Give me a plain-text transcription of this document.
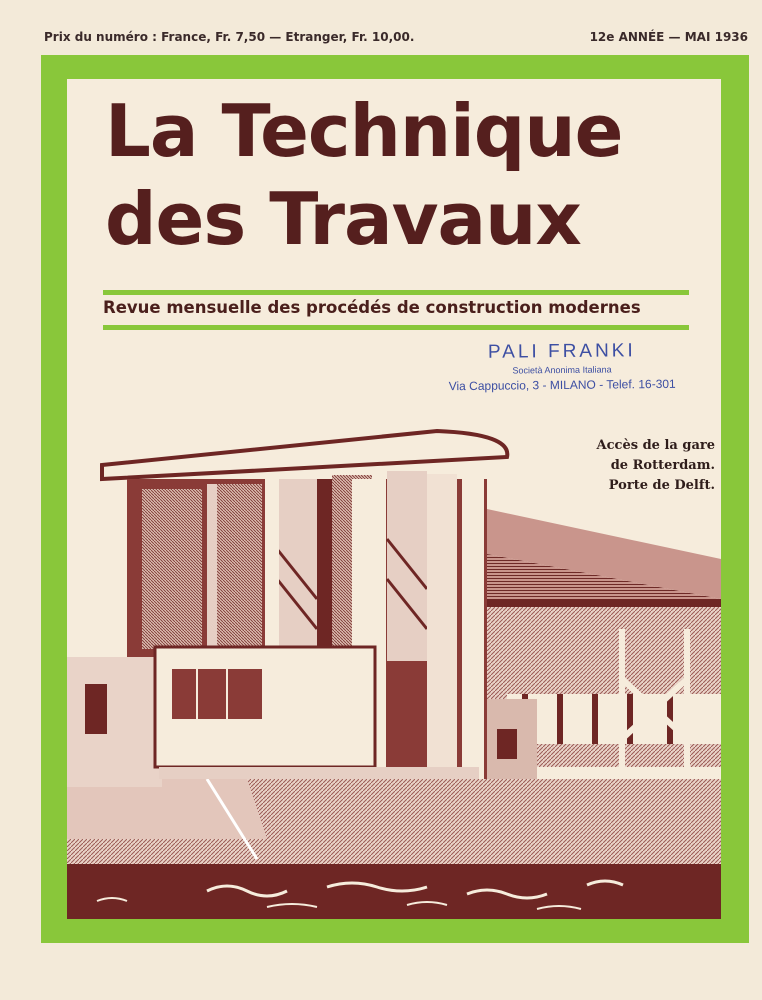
Prix du numéro : France, Fr. 7,50 — Etranger, Fr. 10,00.	12e ANNÉE — MAI 1936
La Technique
des Travaux
Revue mensuelle des procédés de construction modernes
PALI FRANKI
Società Anonima Italiana
Via Cappuccio, 3 - MILANO - Telef. 16-301
Accès de la gare
de Rotterdam.
Porte de Delft.
